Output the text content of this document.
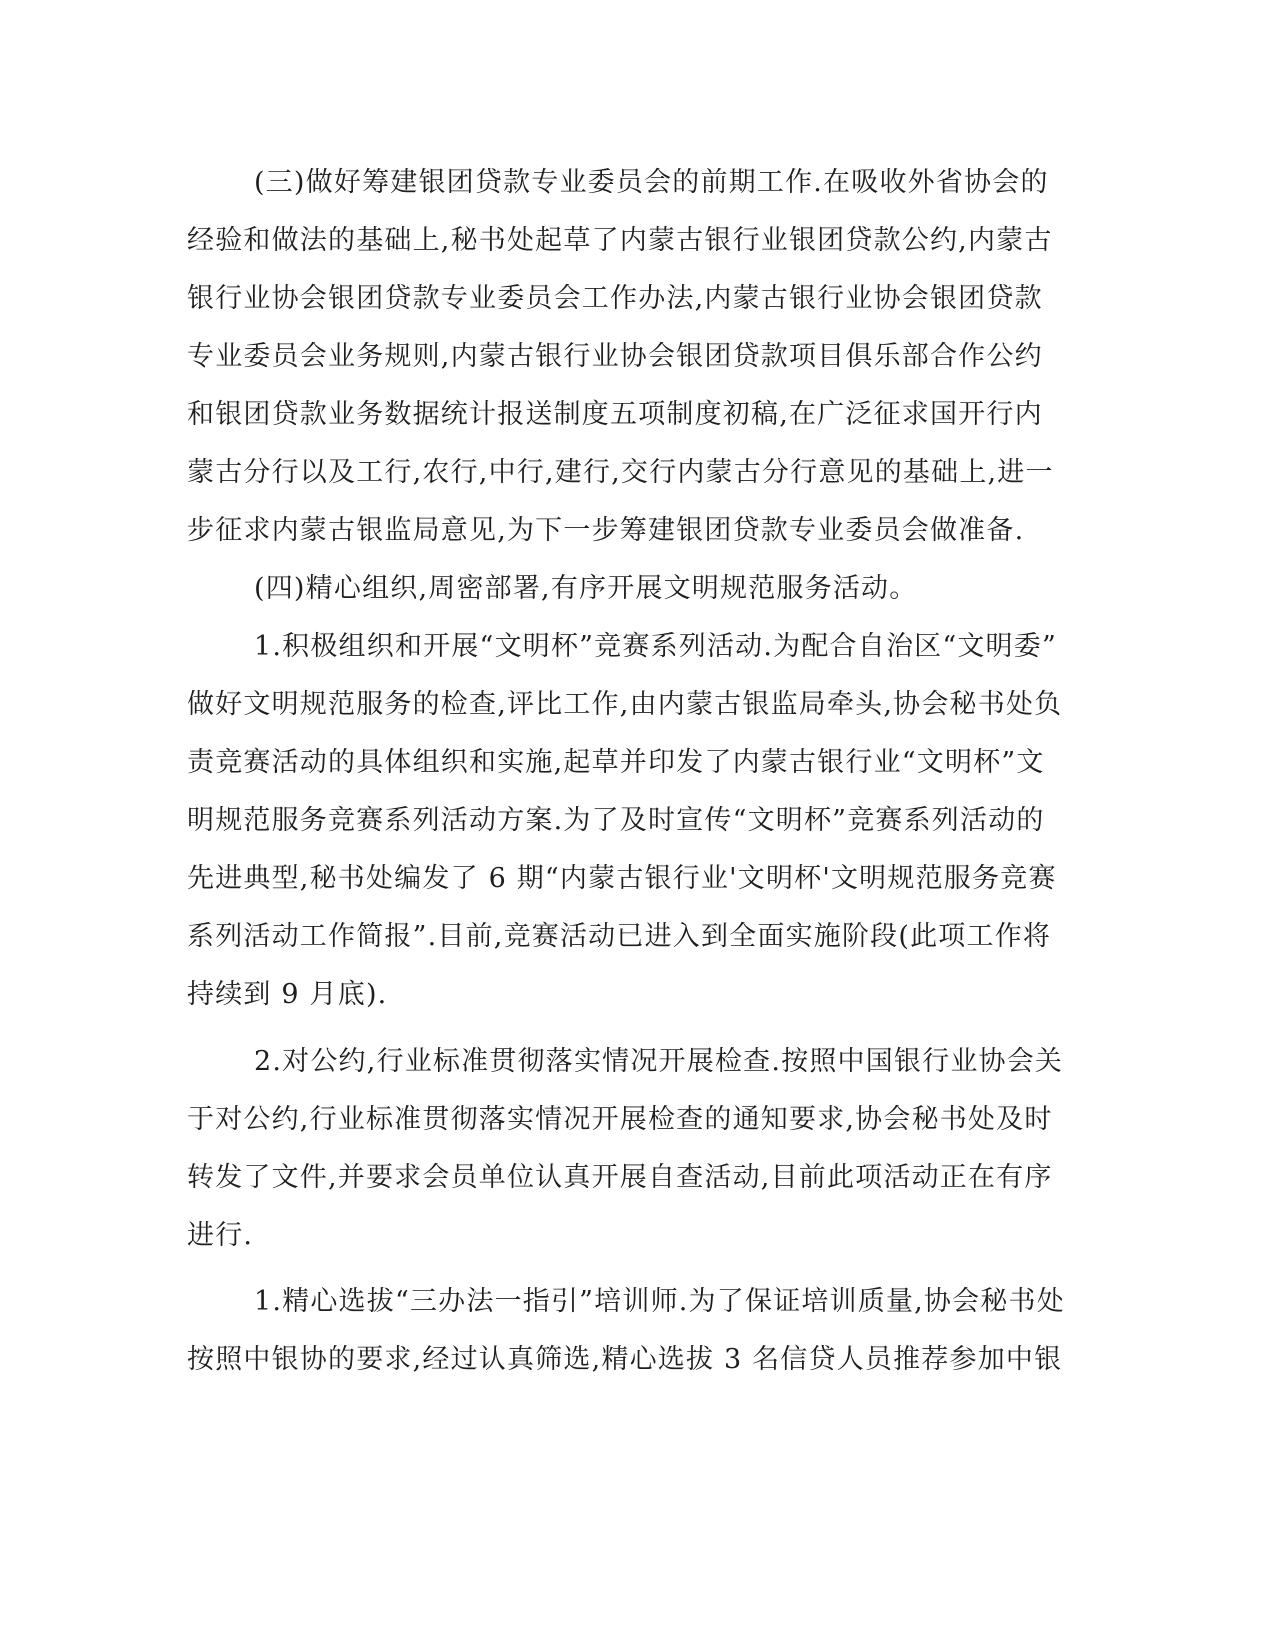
(三)做好筹建银团贷款专业委员会的前期工作.在吸收外省协会的

经验和做法的基础上,秘书处起草了内蒙古银行业银团贷款公约,内蒙古

银行业协会银团贷款专业委员会工作办法,内蒙古银行业协会银团贷款

专业委员会业务规则,内蒙古银行业协会银团贷款项目俱乐部合作公约

和银团贷款业务数据统计报送制度五项制度初稿,在广泛征求国开行内

蒙古分行以及工行,农行,中行,建行,交行内蒙古分行意见的基础上,进一

步征求内蒙古银监局意见,为下一步筹建银团贷款专业委员会做准备.

(四)精心组织,周密部署,有序开展文明规范服务活动。

1.积极组织和开展“文明杯”竞赛系列活动.为配合自治区“文明委”

做好文明规范服务的检查,评比工作,由内蒙古银监局牵头,协会秘书处负

责竞赛活动的具体组织和实施,起草并印发了内蒙古银行业“文明杯”文

明规范服务竞赛系列活动方案.为了及时宣传“文明杯”竞赛系列活动的

先进典型,秘书处编发了 6 期“内蒙古银行业'文明杯'文明规范服务竞赛

系列活动工作简报”.目前,竞赛活动已进入到全面实施阶段(此项工作将

持续到 9 月底).

2.对公约,行业标准贯彻落实情况开展检查.按照中国银行业协会关

于对公约,行业标准贯彻落实情况开展检查的通知要求,协会秘书处及时

转发了文件,并要求会员单位认真开展自查活动,目前此项活动正在有序

进行.

1.精心选拔“三办法一指引”培训师.为了保证培训质量,协会秘书处

按照中银协的要求,经过认真筛选,精心选拔 3 名信贷人员推荐参加中银
